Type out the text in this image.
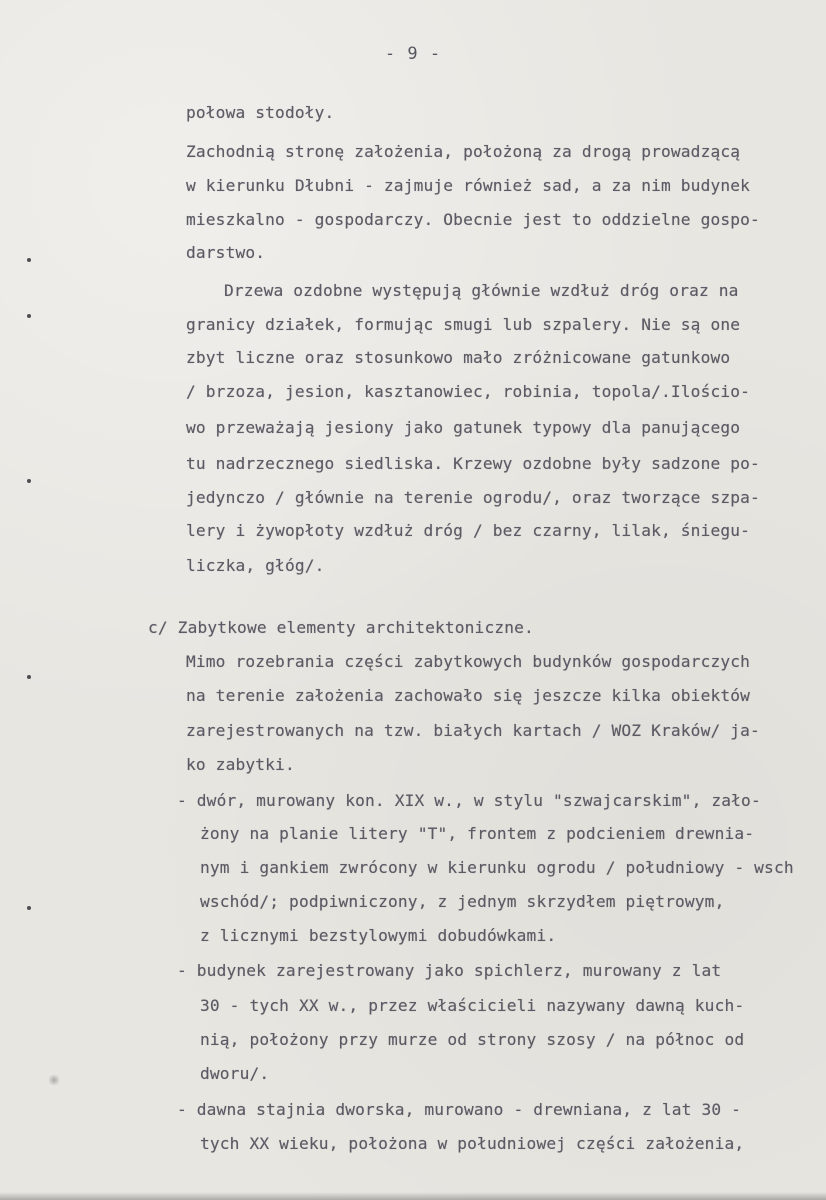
- 9 -
połowa stodoły.
Zachodnią stronę założenia, położoną za drogą prowadzącą
w kierunku Dłubni - zajmuje również sad, a za nim budynek
mieszkalno - gospodarczy. Obecnie jest to oddzielne gospo-
darstwo.
Drzewa ozdobne występują głównie wzdłuż dróg oraz na
granicy działek, formując smugi lub szpalery. Nie są one
zbyt liczne oraz stosunkowo mało zróżnicowane gatunkowo
/ brzoza, jesion, kasztanowiec, robinia, topola/.Ilościo-
wo przeważają jesiony jako gatunek typowy dla panującego
tu nadrzecznego siedliska. Krzewy ozdobne były sadzone po-
jedynczo / głównie na terenie ogrodu/, oraz tworzące szpa-
lery i żywopłoty wzdłuż dróg / bez czarny, lilak, śniegu-
liczka, głóg/.
c/ Zabytkowe elementy architektoniczne.
Mimo rozebrania części zabytkowych budynków gospodarczych
na terenie założenia zachowało się jeszcze kilka obiektów
zarejestrowanych na tzw. białych kartach / WOZ Kraków/ ja-
ko zabytki.
- dwór, murowany kon. XIX w., w stylu "szwajcarskim", zało-
żony na planie litery "T", frontem z podcieniem drewnia-
nym i gankiem zwrócony w kierunku ogrodu / południowy - wsch
wschód/; podpiwniczony, z jednym skrzydłem piętrowym,
z licznymi bezstylowymi dobudówkami.
- budynek zarejestrowany jako spichlerz, murowany z lat
30 - tych XX w., przez właścicieli nazywany dawną kuch-
nią, położony przy murze od strony szosy / na północ od
dworu/.
- dawna stajnia dworska, murowano - drewniana, z lat 30 -
tych XX wieku, położona w południowej części założenia,
